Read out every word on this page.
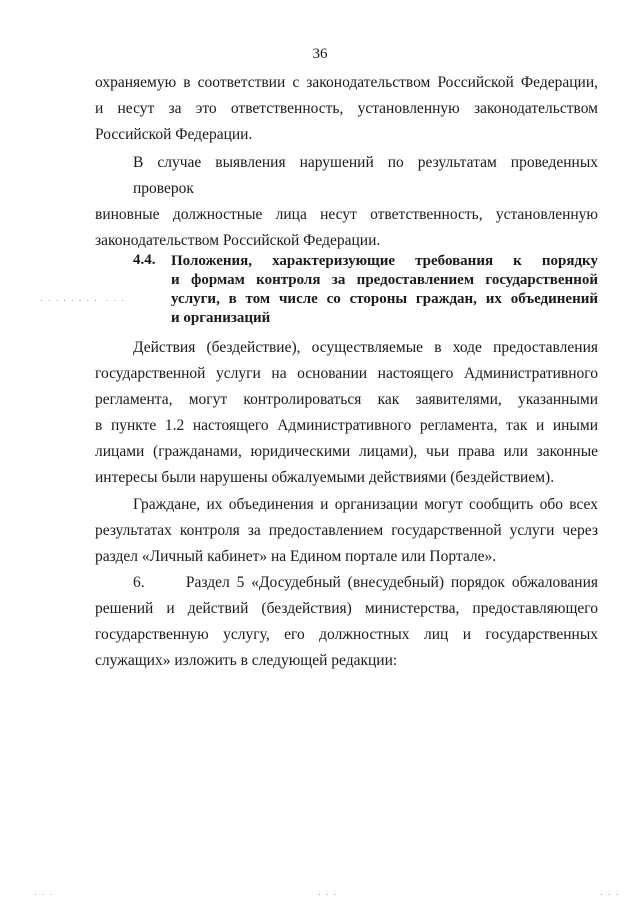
36
охраняемую в соответствии с законодательством Российской Федерации,
и несут за это ответственность, установленную законодательством
Российской Федерации.
В случае выявления нарушений по результатам проведенных проверок
виновные должностные лица несут ответственность, установленную
законодательством Российской Федерации.
4.4. Положения, характеризующие требования к порядку
и формам контроля за предоставлением государственной
услуги, в том числе со стороны граждан, их объединений
и организаций
Действия (бездействие), осуществляемые в ходе предоставления
государственной услуги на основании настоящего Административного
регламента, могут контролироваться как заявителями, указанными
в пункте 1.2 настоящего Административного регламента, так и иными
лицами (гражданами, юридическими лицами), чьи права или законные
интересы были нарушены обжалуемыми действиями (бездействием).
Граждане, их объединения и организации могут сообщить обо всех
результатах контроля за предоставлением государственной услуги через
раздел «Личный кабинет» на Едином портале или Портале».
6.      Раздел 5 «Досудебный (внесудебный) порядок обжалования
решений и действий (бездействия) министерства, предоставляющего
государственную услугу, его должностных лиц и государственных
служащих» изложить в следующей редакции:
. . . . . . . .  . . .
. . .	. . .	. . .
